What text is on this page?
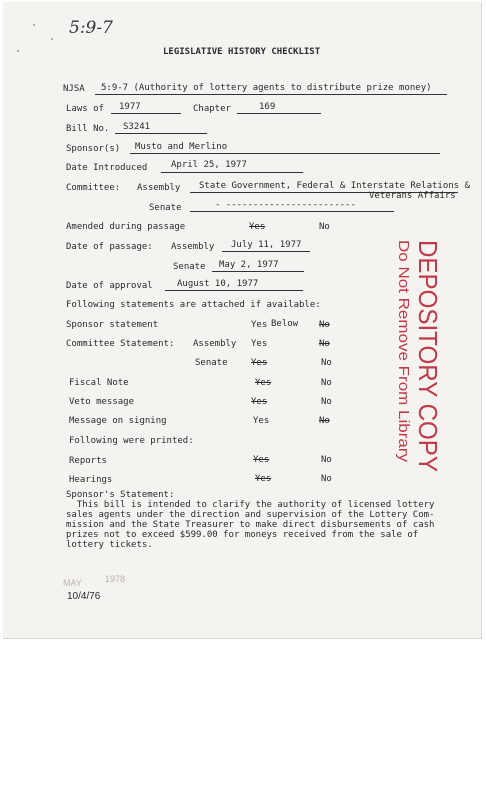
5:9-7
LEGISLATIVE HISTORY CHECKLIST
NJSA 5:9-7 (Authority of lottery agents to distribute prize money)
Laws of 1977	Chapter	169
Bill No. S3241
Sponsor(s) Musto and Merlino
Date Introduced	April 25, 1977
Committee: Assembly State Government, Federal & Interstate Relations &
Veterans Affairs
Senate	- ------------------------
Amended during passage	Yes	No
Date of passage: Assembly July 11, 1977
Senate May 2, 1977
Date of approval	August 10, 1977
Following statements are attached if available:
Sponsor statement	Yes Below No
Committee Statement: Assembly Yes	No
Senate	Yes	No
Fiscal Note	Yes	No
Veto message	Yes	No
Message on signing	Yes	No
Following were printed:
Reports	Yes	No
Hearings	Yes	No
Sponsor's Statement:
This bill is intended to clarify the authority of licensed lottery
sales agents under the direction and supervision of the Lottery Com-
mission and the State Treasurer to make direct disbursements of cash
prizes not to exceed $599.00 for moneys received from the sale of
lottery tickets.
MAY	1978
10/4/76
DEPOSITORY COPY
Do Not Remove From Library
